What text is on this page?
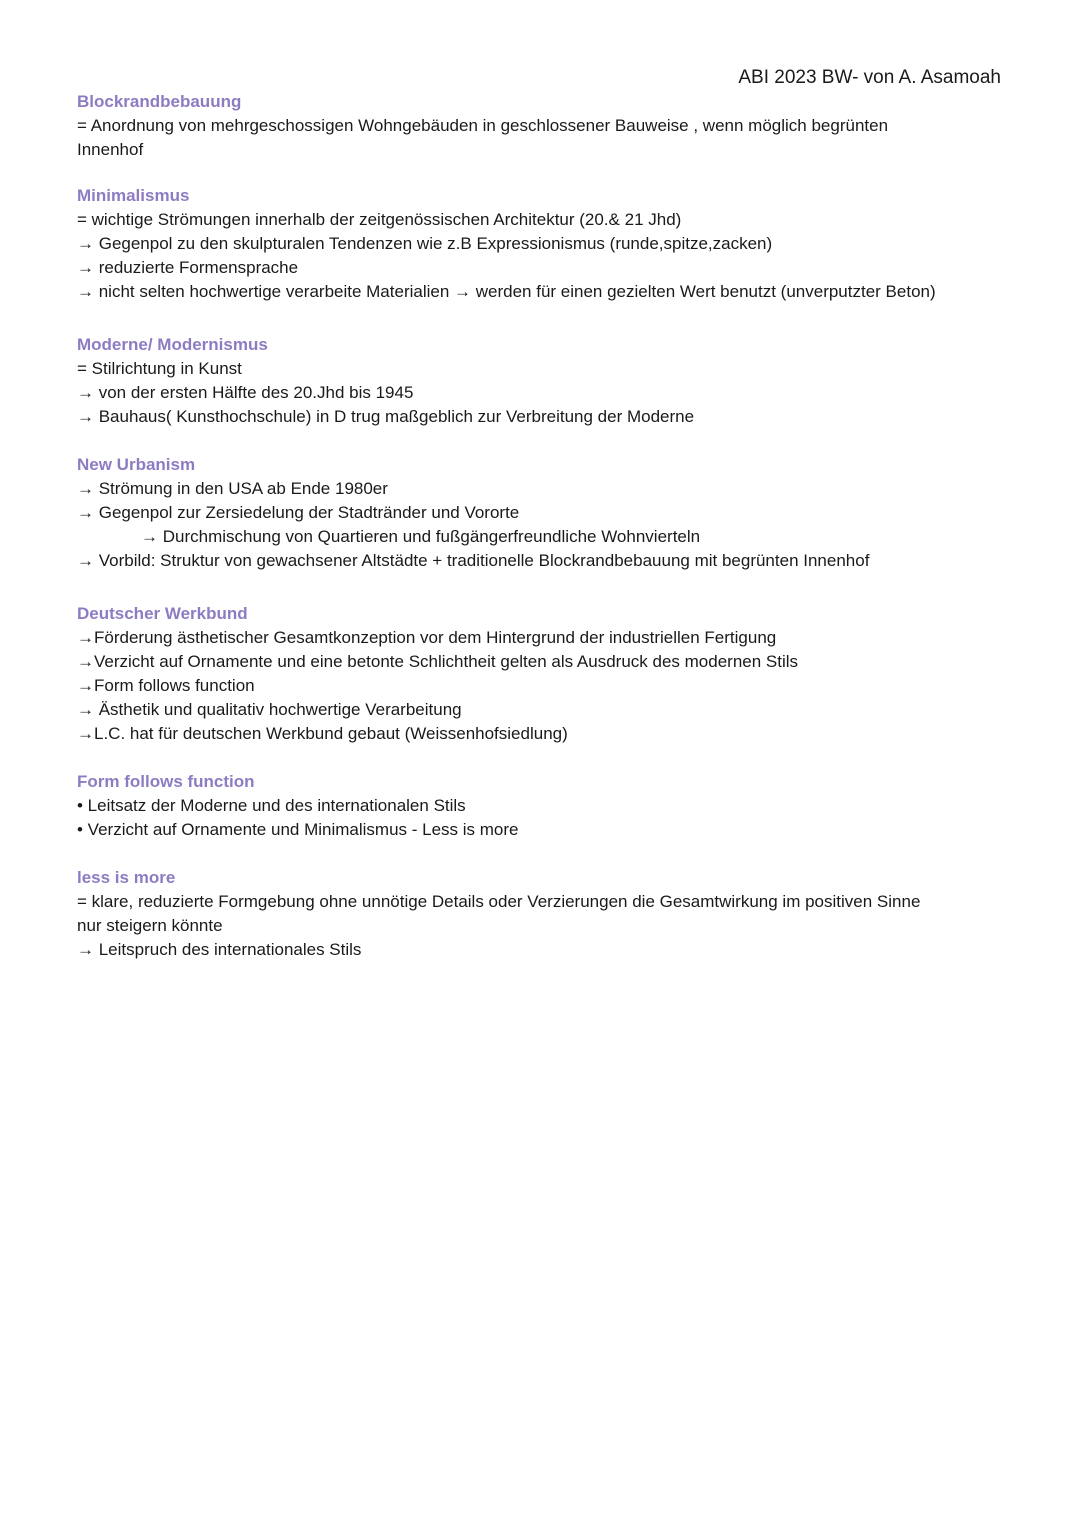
ABI 2023 BW- von A. Asamoah
Blockrandbebauung
= Anordnung von mehrgeschossigen Wohngebäuden in geschlossener Bauweise , wenn möglich begrünten
Innenhof
Minimalismus
= wichtige Strömungen innerhalb der zeitgenössischen Architektur (20.& 21 Jhd)
→ Gegenpol zu den skulpturalen Tendenzen wie z.B Expressionismus (runde,spitze,zacken)
→ reduzierte Formensprache
→ nicht selten hochwertige verarbeite Materialien → werden für einen gezielten Wert benutzt (unverputzter Beton)
Moderne/ Modernismus
= Stilrichtung in Kunst
→ von der ersten Hälfte des 20.Jhd bis 1945
→ Bauhaus( Kunsthochschule) in D trug maßgeblich zur Verbreitung der Moderne
New Urbanism
→ Strömung in den USA ab Ende 1980er
→ Gegenpol zur Zersiedelung der Stadtränder und Vororte
→ Durchmischung von Quartieren und fußgängerfreundliche Wohnvierteln
→ Vorbild: Struktur von gewachsener Altstädte + traditionelle Blockrandbebauung mit begrünten Innenhof
Deutscher Werkbund
→Förderung ästhetischer Gesamtkonzeption vor dem Hintergrund der industriellen Fertigung
→Verzicht auf Ornamente und eine betonte Schlichtheit gelten als Ausdruck des modernen Stils
→Form follows function
→ Ästhetik und qualitativ hochwertige Verarbeitung
→L.C. hat für deutschen Werkbund gebaut (Weissenhofsiedlung)
Form follows function
• Leitsatz der Moderne und des internationalen Stils
• Verzicht auf Ornamente und Minimalismus - Less is more
less is more
= klare, reduzierte Formgebung ohne unnötige Details oder Verzierungen die Gesamtwirkung im positiven Sinne
nur steigern könnte
→ Leitspruch des internationales Stils
